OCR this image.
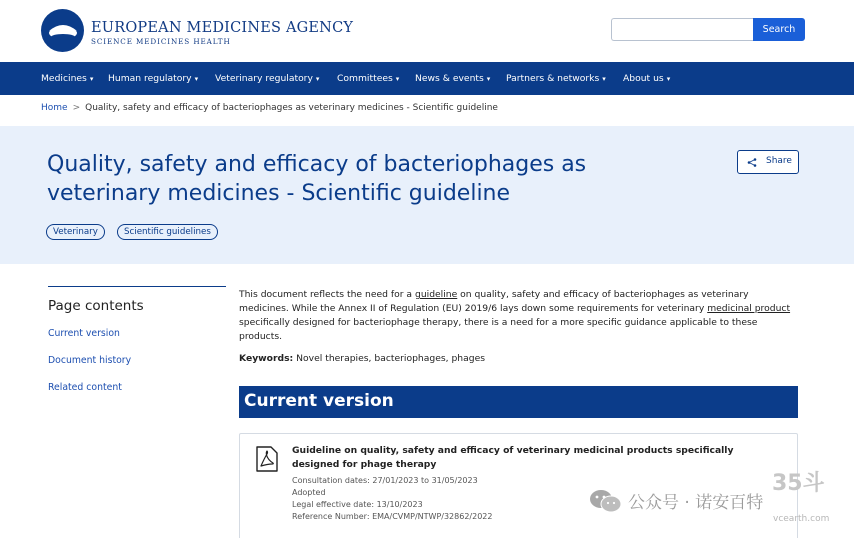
EUROPEAN MEDICINES AGENCY
SCIENCE MEDICINES HEALTH
Search
Medicines ▾ Human regulatory ▾ Veterinary regulatory ▾ Committees ▾ News & events ▾ Partners & networks ▾ About us ▾
Home > Quality, safety and efficacy of bacteriophages as veterinary medicines - Scientific guideline
Quality, safety and efficacy of bacteriophages as veterinary medicines - Scientific guideline
Share
Veterinary	Scientific guidelines
Page contents
Current version
Document history
Related content

This document reflects the need for a guideline on quality, safety and efficacy of bacteriophages as veterinary medicines. While the Annex II of Regulation (EU) 2019/6 lays down some requirements for veterinary medicinal product specifically designed for bacteriophage therapy, there is a need for a more specific guidance applicable to these products.

Keywords: Novel therapies, bacteriophages, phages
Current version
Guideline on quality, safety and efficacy of veterinary medicinal products specifically designed for phage therapy
Consultation dates: 27/01/2023 to 31/05/2023
Adopted
Legal effective date: 13/10/2023
Reference Number: EMA/CVMP/NTWP/32862/2022
公众号 · 诺安百特
35斗
vcearth.com
